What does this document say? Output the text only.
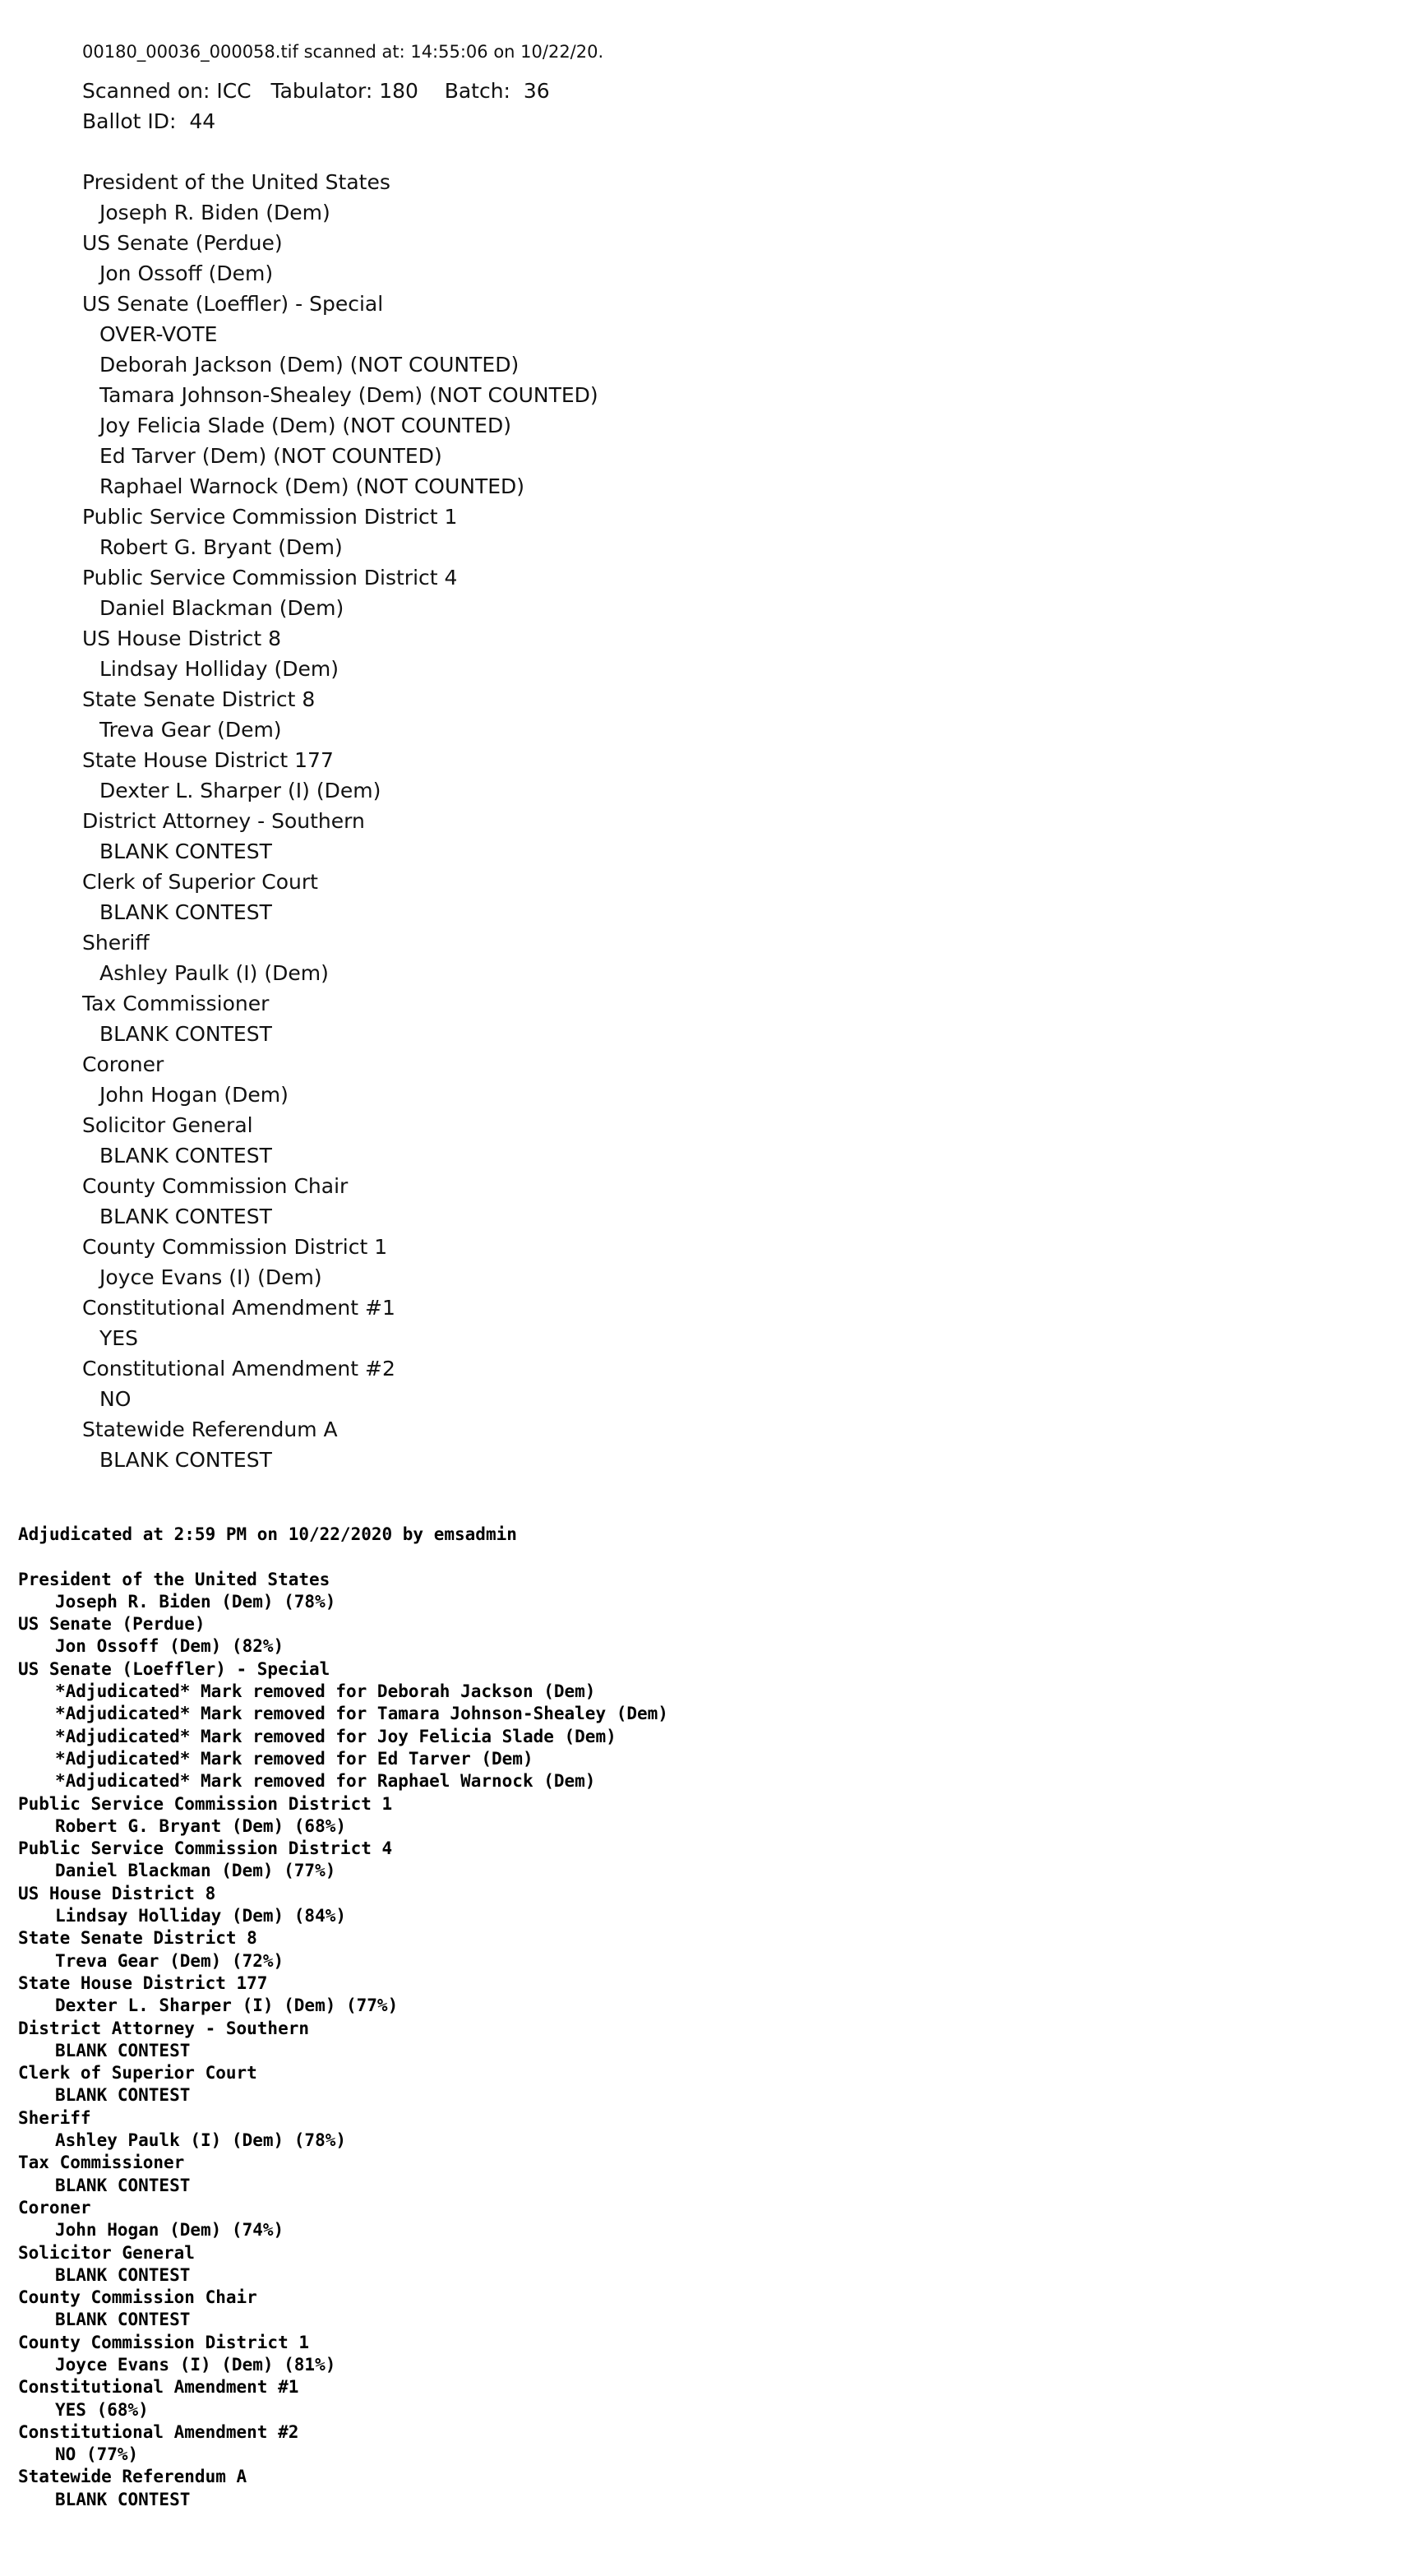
00180_00036_000058.tif scanned at: 14:55:06 on 10/22/20.
Scanned on: ICC   Tabulator: 180    Batch:  36
Ballot ID:  44
President of the United States
Joseph R. Biden (Dem)
US Senate (Perdue)
Jon Ossoff (Dem)
US Senate (Loeffler) - Special
OVER-VOTE
Deborah Jackson (Dem) (NOT COUNTED)
Tamara Johnson-Shealey (Dem) (NOT COUNTED)
Joy Felicia Slade (Dem) (NOT COUNTED)
Ed Tarver (Dem) (NOT COUNTED)
Raphael Warnock (Dem) (NOT COUNTED)
Public Service Commission District 1
Robert G. Bryant (Dem)
Public Service Commission District 4
Daniel Blackman (Dem)
US House District 8
Lindsay Holliday (Dem)
State Senate District 8
Treva Gear (Dem)
State House District 177
Dexter L. Sharper (I) (Dem)
District Attorney - Southern
BLANK CONTEST
Clerk of Superior Court
BLANK CONTEST
Sheriff
Ashley Paulk (I) (Dem)
Tax Commissioner
BLANK CONTEST
Coroner
John Hogan (Dem)
Solicitor General
BLANK CONTEST
County Commission Chair
BLANK CONTEST
County Commission District 1
Joyce Evans (I) (Dem)
Constitutional Amendment #1
YES
Constitutional Amendment #2
NO
Statewide Referendum A
BLANK CONTEST
Adjudicated at 2:59 PM on 10/22/2020 by emsadmin
President of the United States
Joseph R. Biden (Dem) (78%)
US Senate (Perdue)
Jon Ossoff (Dem) (82%)
US Senate (Loeffler) - Special
*Adjudicated* Mark removed for Deborah Jackson (Dem)
*Adjudicated* Mark removed for Tamara Johnson-Shealey (Dem)
*Adjudicated* Mark removed for Joy Felicia Slade (Dem)
*Adjudicated* Mark removed for Ed Tarver (Dem)
*Adjudicated* Mark removed for Raphael Warnock (Dem)
Public Service Commission District 1
Robert G. Bryant (Dem) (68%)
Public Service Commission District 4
Daniel Blackman (Dem) (77%)
US House District 8
Lindsay Holliday (Dem) (84%)
State Senate District 8
Treva Gear (Dem) (72%)
State House District 177
Dexter L. Sharper (I) (Dem) (77%)
District Attorney - Southern
BLANK CONTEST
Clerk of Superior Court
BLANK CONTEST
Sheriff
Ashley Paulk (I) (Dem) (78%)
Tax Commissioner
BLANK CONTEST
Coroner
John Hogan (Dem) (74%)
Solicitor General
BLANK CONTEST
County Commission Chair
BLANK CONTEST
County Commission District 1
Joyce Evans (I) (Dem) (81%)
Constitutional Amendment #1
YES (68%)
Constitutional Amendment #2
NO (77%)
Statewide Referendum A
BLANK CONTEST
